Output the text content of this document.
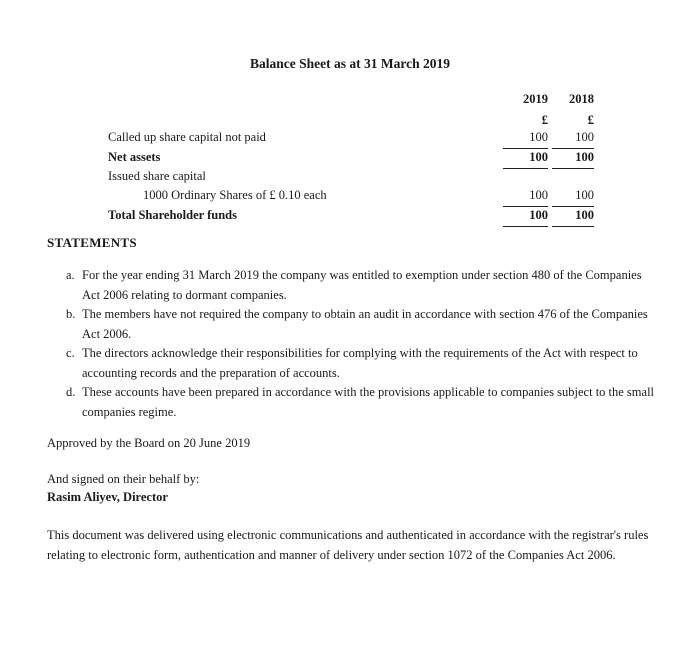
Balance Sheet as at 31 March 2019
2019	2018
£	£
Called up share capital not paid	100	100
Net assets	100	100
Issued share capital
1000 Ordinary Shares of £ 0.10 each	100	100
Total Shareholder funds	100	100
STATEMENTS
a. For the year ending 31 March 2019 the company was entitled to exemption under section 480 of the Companies Act 2006 relating to dormant companies.
b. The members have not required the company to obtain an audit in accordance with section 476 of the Companies Act 2006.
c. The directors acknowledge their responsibilities for complying with the requirements of the Act with respect to accounting records and the preparation of accounts.
d. These accounts have been prepared in accordance with the provisions applicable to companies subject to the small companies regime.
Approved by the Board on 20 June 2019
And signed on their behalf by:
Rasim Aliyev, Director
This document was delivered using electronic communications and authenticated in accordance with the registrar's rules relating to electronic form, authentication and manner of delivery under section 1072 of the Companies Act 2006.
